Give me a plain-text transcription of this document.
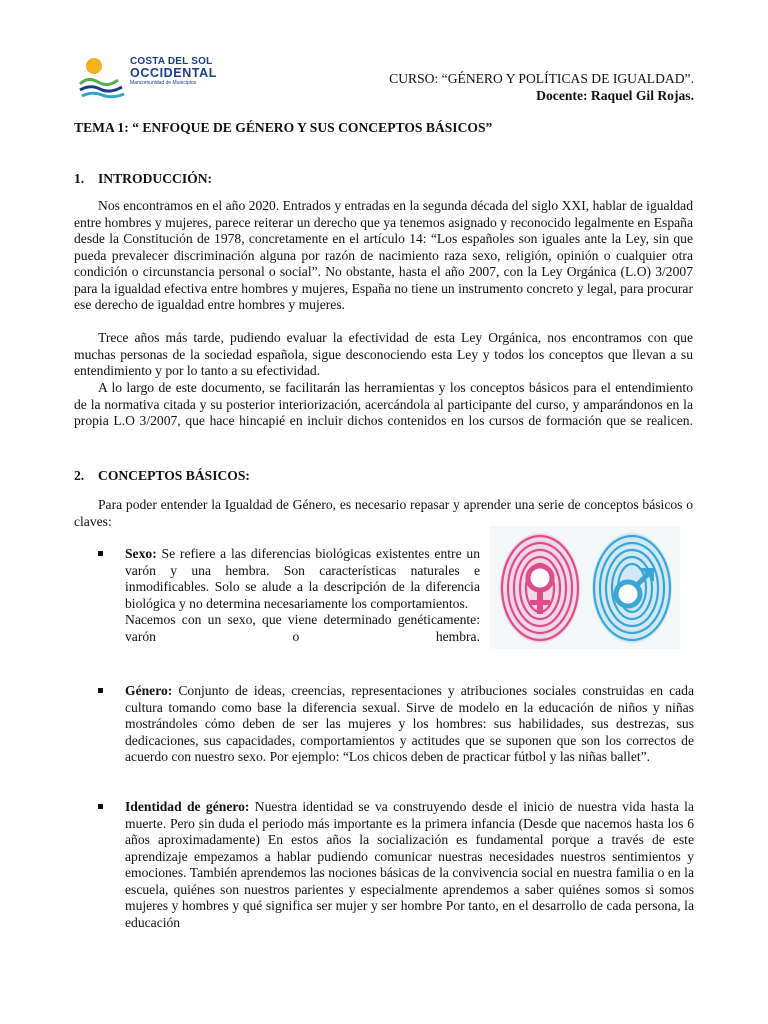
COSTA DEL SOL
OCCIDENTAL
Mancomunidad de Municipios	CURSO: “GÉNERO Y POLÍTICAS DE IGUALDAD”.
Docente: Raquel Gil Rojas.
TEMA 1: “ ENFOQUE DE GÉNERO Y SUS CONCEPTOS BÁSICOS”
1. INTRODUCCIÓN:
Nos encontramos en el año 2020. Entrados y entradas en la segunda década del siglo XXI, hablar de igualdad entre hombres y mujeres, parece reiterar un derecho que ya tenemos asignado y reconocido legalmente en España desde la Constitución de 1978, concretamente en el artículo 14: “Los españoles son iguales ante la Ley, sin que pueda prevalecer discriminación alguna por razón de nacimiento raza sexo, religión, opinión o cualquier otra condición o circunstancia personal o social”. No obstante, hasta el año 2007, con la Ley Orgánica (L.O) 3/2007 para la igualdad efectiva entre hombres y mujeres, España no tiene un instrumento concreto y legal, para procurar ese derecho de igualdad entre hombres y mujeres.
Trece años más tarde, pudiendo evaluar la efectividad de esta Ley Orgánica, nos encontramos con que muchas personas de la sociedad española, sigue desconociendo esta Ley y todos los conceptos que llevan a su entendimiento y por lo tanto a su efectividad.
A lo largo de este documento, se facilitarán las herramientas y los conceptos básicos para el entendimiento de la normativa citada y su posterior interiorización, acercándola al participante del curso, y amparándonos en la propia L.O 3/2007, que hace hincapié en incluir dichos contenidos en los cursos de formación que se realicen.
2. CONCEPTOS BÁSICOS:
Para poder entender la Igualdad de Género, es necesario repasar y aprender una serie de conceptos básicos o claves:
Sexo: Se refiere a las diferencias biológicas existentes entre un varón y una hembra. Son características naturales e inmodificables. Solo se alude a la descripción de la diferencia biológica y no determina necesariamente los comportamientos.
Nacemos con un sexo, que viene determinado genéticamente: varón o hembra.
Género: Conjunto de ideas, creencias, representaciones y atribuciones sociales construidas en cada cultura tomando como base la diferencia sexual. Sirve de modelo en la educación de niños y niñas mostrándoles cómo deben de ser las mujeres y los hombres: sus habilidades, sus destrezas, sus dedicaciones, sus capacidades, comportamientos y actitudes que se suponen que son los correctos de acuerdo con nuestro sexo. Por ejemplo: “Los chicos deben de practicar fútbol y las niñas ballet”.
Identidad de género: Nuestra identidad se va construyendo desde el inicio de nuestra vida hasta la muerte. Pero sin duda el periodo más importante es la primera infancia (Desde que nacemos hasta los 6 años aproximadamente) En estos años la socialización es fundamental porque a través de este aprendizaje empezamos a hablar pudiendo comunicar nuestras necesidades nuestros sentimientos y emociones. También aprendemos las nociones básicas de la convivencia social en nuestra familia o en la escuela, quiénes son nuestros parientes y especialmente aprendemos a saber quiénes somos si somos mujeres y hombres y qué significa ser mujer y ser hombre Por tanto, en el desarrollo de cada persona, la educación
